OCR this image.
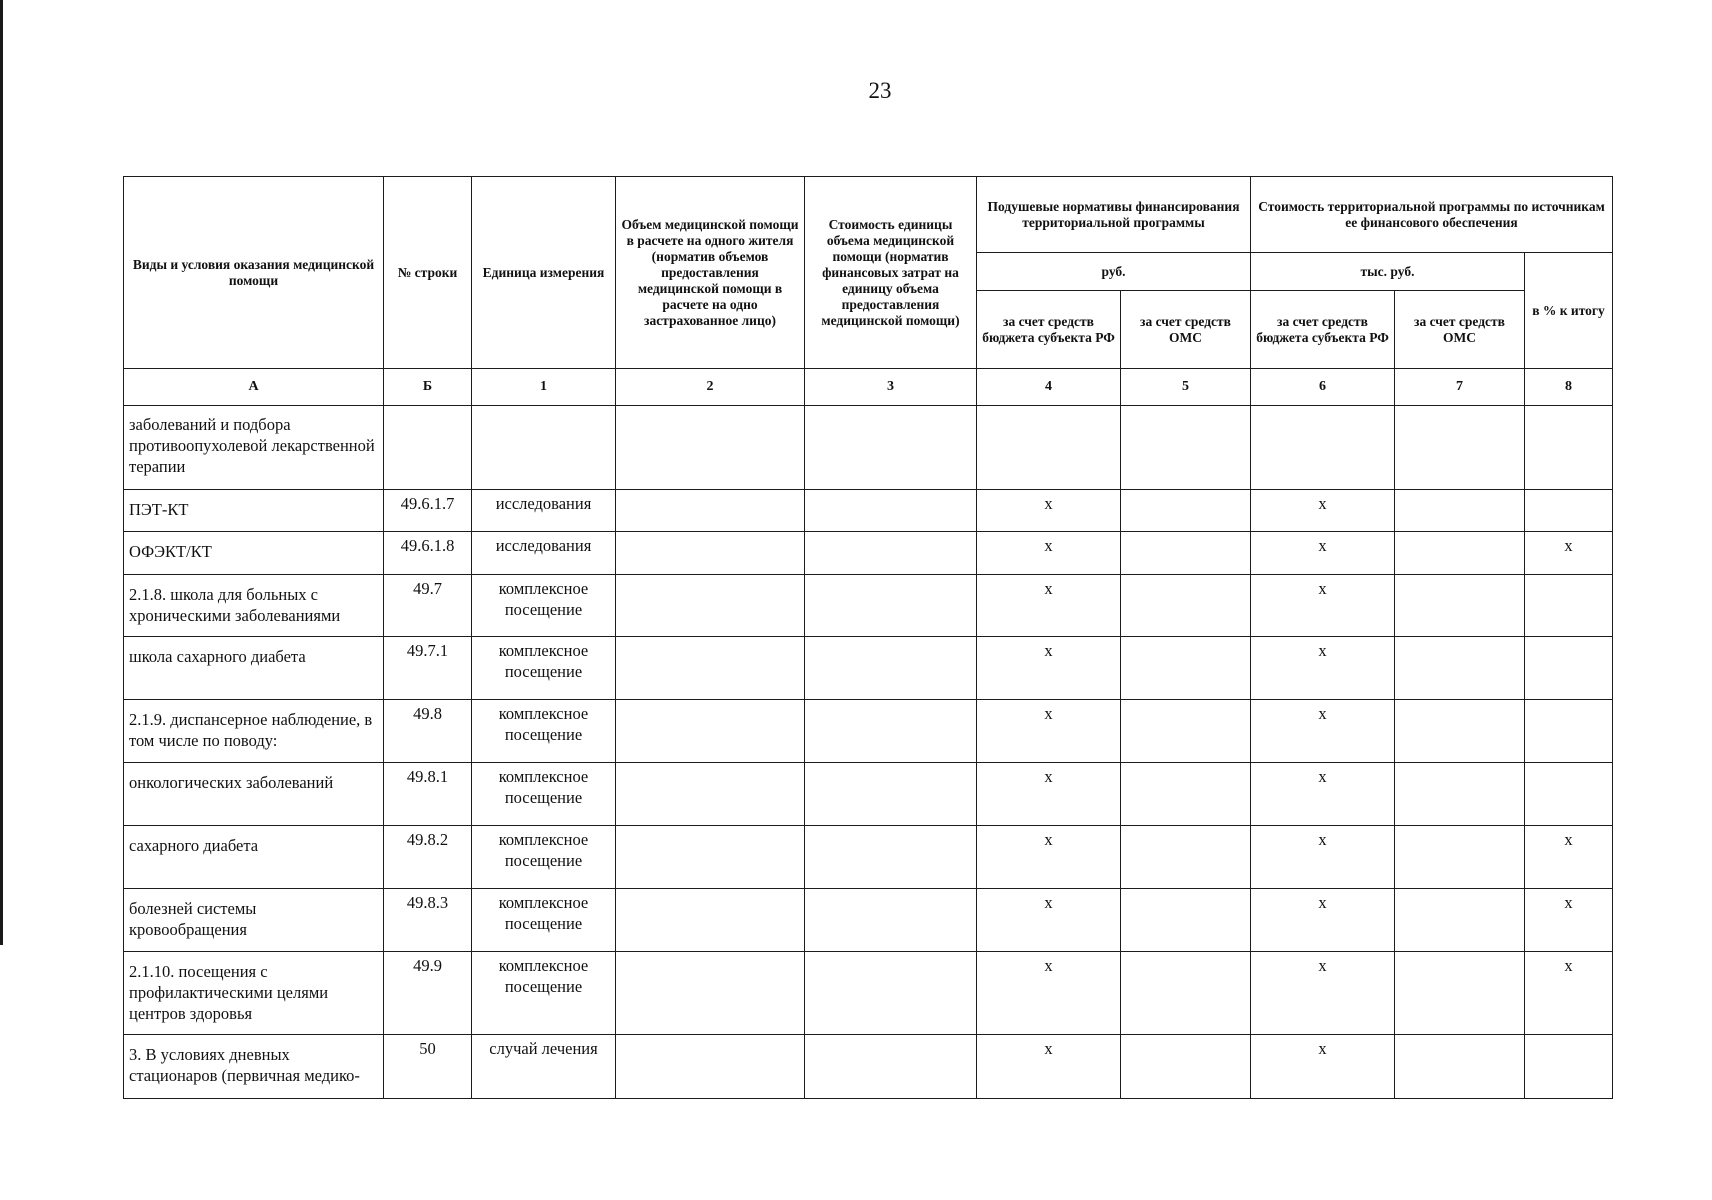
23
Виды и условия оказания медицинской помощи	№ строки	Единица измерения	Объем медицинской помощи в расчете на одного жителя (норматив объемов предоставления медицинской помощи в расчете на одно застрахованное лицо)	Стоимость единицы объема медицинской помощи (норматив финансовых затрат на единицу объема предоставления медицинской помощи)	Подушевые нормативы финансирования территориальной программы		Стоимость территориальной программы по источникам ее финансового обеспечения		
					руб.		тыс. руб.		в % к итогу
					за счет средств бюджета субъекта РФ	за счет средств ОМС	за счет средств бюджета субъекта РФ	за счет средств ОМС	
А	Б	1	2	3	4	5	6	7	8
заболеваний и подбора противоопухолевой лекарственной терапии									
ПЭТ-КТ	49.6.1.7	исследования			x		x		
ОФЭКТ/КТ	49.6.1.8	исследования			x		x		x
2.1.8. школа для больных с хроническими заболеваниями	49.7	комплексное посещение			x		x		
школа сахарного диабета	49.7.1	комплексное посещение			x		x		
2.1.9. диспансерное наблюдение, в том числе по поводу:	49.8	комплексное посещение			x		x		
онкологических заболеваний	49.8.1	комплексное посещение			x		x		
сахарного диабета	49.8.2	комплексное посещение			x		x		x
болезней системы кровообращения	49.8.3	комплексное посещение			x		x		x
2.1.10. посещения с профилактическими целями центров здоровья	49.9	комплексное посещение			x		x		x
3. В условиях дневных стационаров (первичная медико-	50	случай лечения			x		x		
